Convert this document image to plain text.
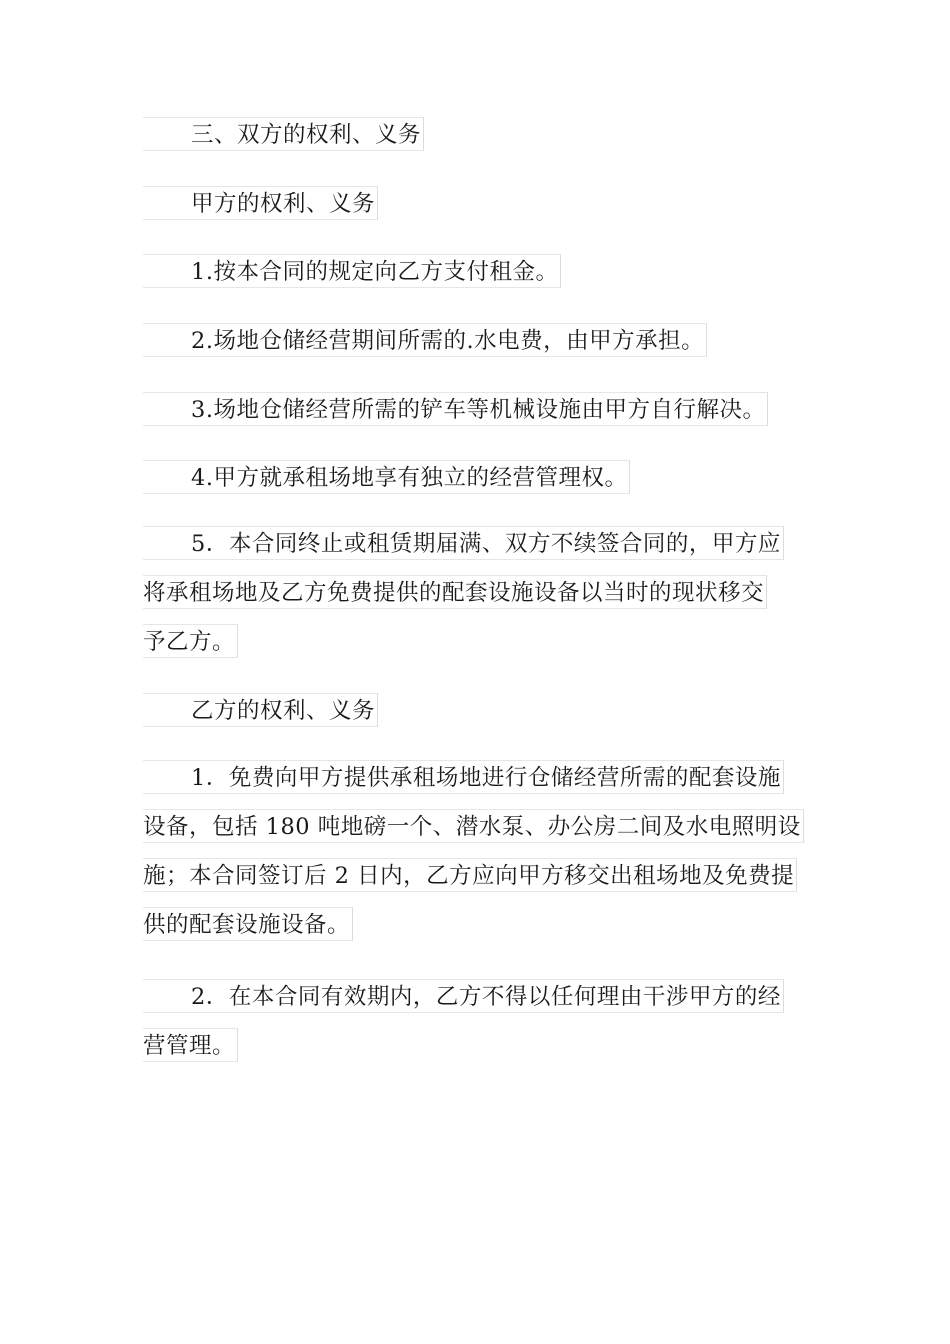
三、双方的权利、义务
甲方的权利、义务
1.按本合同的规定向乙方支付租金。
2.场地仓储经营期间所需的.水电费，由甲方承担。
3.场地仓储经营所需的铲车等机械设施由甲方自行解决。
4.甲方就承租场地享有独立的经营管理权。
5．本合同终止或租赁期届满、双方不续签合同的，甲方应
将承租场地及乙方免费提供的配套设施设备以当时的现状移交
予乙方。
乙方的权利、义务
1．免费向甲方提供承租场地进行仓储经营所需的配套设施
设备，包括 180 吨地磅一个、潜水泵、办公房二间及水电照明设
施；本合同签订后 2 日内，乙方应向甲方移交出租场地及免费提
供的配套设施设备。
2．在本合同有效期内，乙方不得以任何理由干涉甲方的经
营管理。
